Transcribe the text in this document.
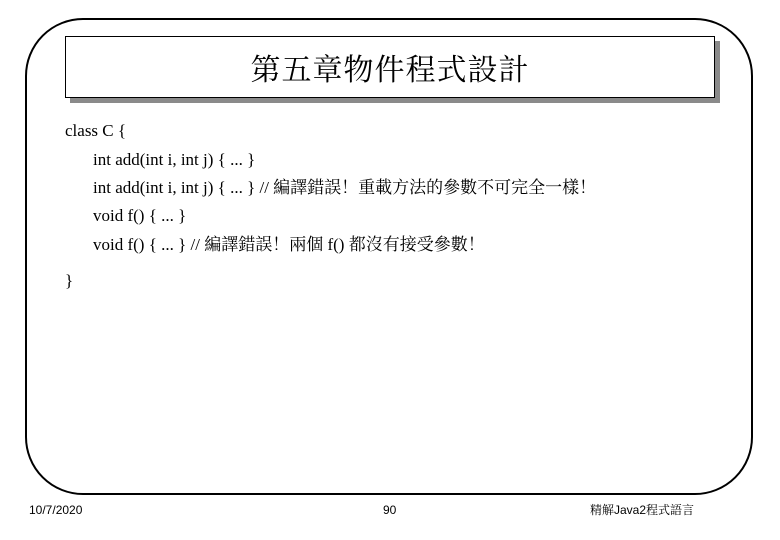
第五章物件程式設計
class C {
int add(int i, int j) { ... }
int add(int i, int j) { ... } // 編譯錯誤！重載方法的參數不可完全一樣！
void f() { ... }
void f() { ... } // 編譯錯誤！兩個 f() 都沒有接受參數！
}
10/7/2020	90	精解Java2程式語言
